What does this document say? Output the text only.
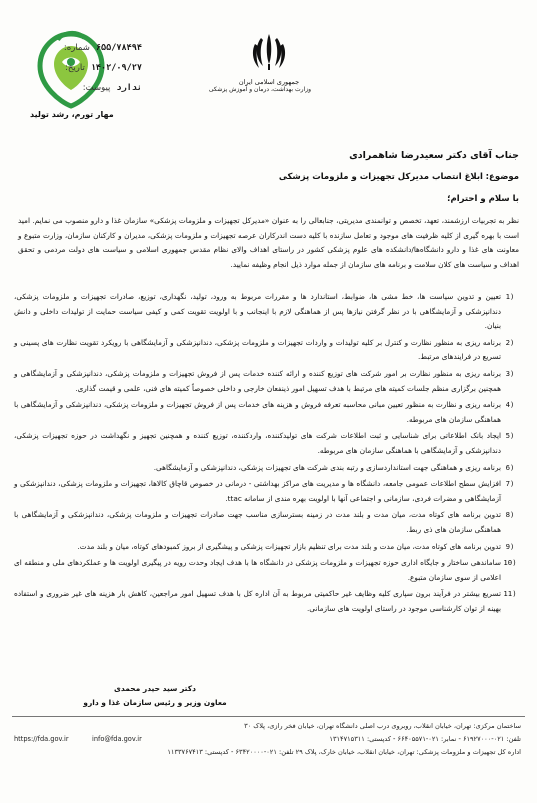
جمهوری اسلامی ایران
وزارت بهداشت، درمان و آموزش پزشکی
شماره: ۶۵۵/۷۸۴۹۴
تاریخ: ۱۴۰۲/۰۹/۲۷
پیوست: ندارد
مهار تورم، رشد تولید
جناب آقای دکتر سعیدرضا شاهمرادی
موضوع: ابلاغ انتصاب مدیرکل تجهیزات و ملزومات پزشکی
با سلام و احترام؛
نظر به تجربیات ارزشمند، تعهد، تخصص و توانمندی مدیریتی، جنابعالی را به عنوان «مدیرکل تجهیزات و ملزومات پزشکی» سازمان غذا و دارو منصوب می نمایم. امید است با بهره گیری از کلیه ظرفیت های موجود و تعامل سازنده با کلیه دست اندرکاران عرصه تجهیزات و ملزومات پزشکی، مدیران و کارکنان سازمان، وزارت متبوع و معاونت های غذا و دارو دانشگاه‌ها/دانشکده های علوم پزشکی کشور در راستای اهداف والای نظام مقدس جمهوری اسلامی و سیاست های دولت مردمی و تحقق اهداف و سیاست های کلان سلامت و برنامه های سازمان از جمله موارد ذیل انجام وظیفه نمایید.
1)
تعیین و تدوین سیاست ها، خط مشی ها، ضوابط، استاندارد ها و مقررات مربوط به ورود، تولید، نگهداری، توزیع، صادرات تجهیزات و ملزومات پزشکی، دندانپزشکی و آزمایشگاهی با در نظر گرفتن نیازها پس از هماهنگی لازم با اینجانب و با اولویت تقویت کمی و کیفی سیاست حمایت از تولیدات داخلی و دانش بنیان.
2)
برنامه ریزی به منظور نظارت و کنترل بر کلیه تولیدات و واردات تجهیزات و ملزومات پزشکی، دندانپزشکی و آزمایشگاهی با رویکرد تقویت نظارت های پسینی و تسریع در فرایندهای مرتبط.
3)
برنامه ریزی به منظور نظارت بر امور شرکت های توزیع کننده و ارائه کننده خدمات پس از فروش تجهیزات و ملزومات پزشکی، دندانپزشکی و آزمایشگاهی و همچنین برگزاری منظم جلسات کمیته های مرتبط با هدف تسهیل امور ذینفعان خارجی و داخلی خصوصاً کمیته های فنی، علمی و قیمت گذاری.
4)
برنامه ریزی و نظارت به منظور تعیین مبانی محاسبه تعرفه فروش و هزینه های خدمات پس از فروش تجهیزات و ملزومات پزشکی، دندانپزشکی و آزمایشگاهی با هماهنگی سازمان های مربوطه.
5)
ایجاد بانک اطلاعاتی برای شناسایی و ثبت اطلاعات شرکت های تولیدکننده، واردکننده، توزیع کننده و همچنین تجهیز و نگهداشت در حوزه تجهیزات پزشکی، دندانپزشکی و آزمایشگاهی با هماهنگی سازمان های مربوطه.
6)
برنامه ریزی و هماهنگی جهت استانداردسازی و رتبه بندی شرکت های تجهیزات پزشکی، دندانپزشکی و آزمایشگاهی.
7)
افزایش سطح اطلاعات عمومی جامعه، دانشگاه ها و مدیریت های مراکز بهداشتی - درمانی در خصوص قاچاق کالاها، تجهیزات و ملزومات پزشکی، دندانپزشکی و آزمایشگاهی و مضرات فردی، سازمانی و اجتماعی آنها با اولویت بهره مندی از سامانه ttac.
8)
تدوین برنامه های کوتاه مدت، میان مدت و بلند مدت در زمینه بسترسازی مناسب جهت صادرات تجهیزات و ملزومات پزشکی، دندانپزشکی و آزمایشگاهی با هماهنگی سازمان های ذی ربط.
9)
تدوین برنامه های کوتاه مدت، میان مدت و بلند مدت برای تنظیم بازار تجهیزات پزشکی و پیشگیری از بروز کمبودهای کوتاه، میان و بلند مدت.
10)
ساماندهی ساختار و جایگاه اداری حوزه تجهیزات و ملزومات پزشکی در دانشگاه ها با هدف ایجاد وحدت رویه در پیگیری اولویت ها و عملکردهای ملی و منطقه ای اعلامی از سوی سازمان متبوع.
11)
تسریع بیشتر در فرآیند برون سپاری کلیه وظایف غیر حاکمیتی مربوط به آن اداره کل با هدف تسهیل امور مراجعین، کاهش بار هزینه های غیر ضروری و استفاده بهینه از توان کارشناسی موجود در راستای اولویت های سازمانی.
دکتر سید حیدر محمدی
معاون وزیر و رئیس سازمان غذا و دارو
ساختمان مرکزی: تهران، خیابان انقلاب، روبروی درب اصلی دانشگاه تهران، خیابان فخر رازی، پلاک ۳۰
تلفن: ۰۲۱-۶۱۹۲۷۰۰۰ - نمابر: ۰۲۱-۶۶۴۰۵۵۷۱ - کدپستی: ۱۳۱۴۷۱۵۳۱۱
https://fda.gov.ir	info@fda.gov.ir
اداره کل تجهیزات و ملزومات پزشکی: تهران، خیابان انقلاب، خیابان خارک، پلاک ۲۹ تلفن: ۰۲۱-۶۳۴۲۰۰۰۰ - کدپستی: ۱۱۳۳۷۶۷۴۱۳
